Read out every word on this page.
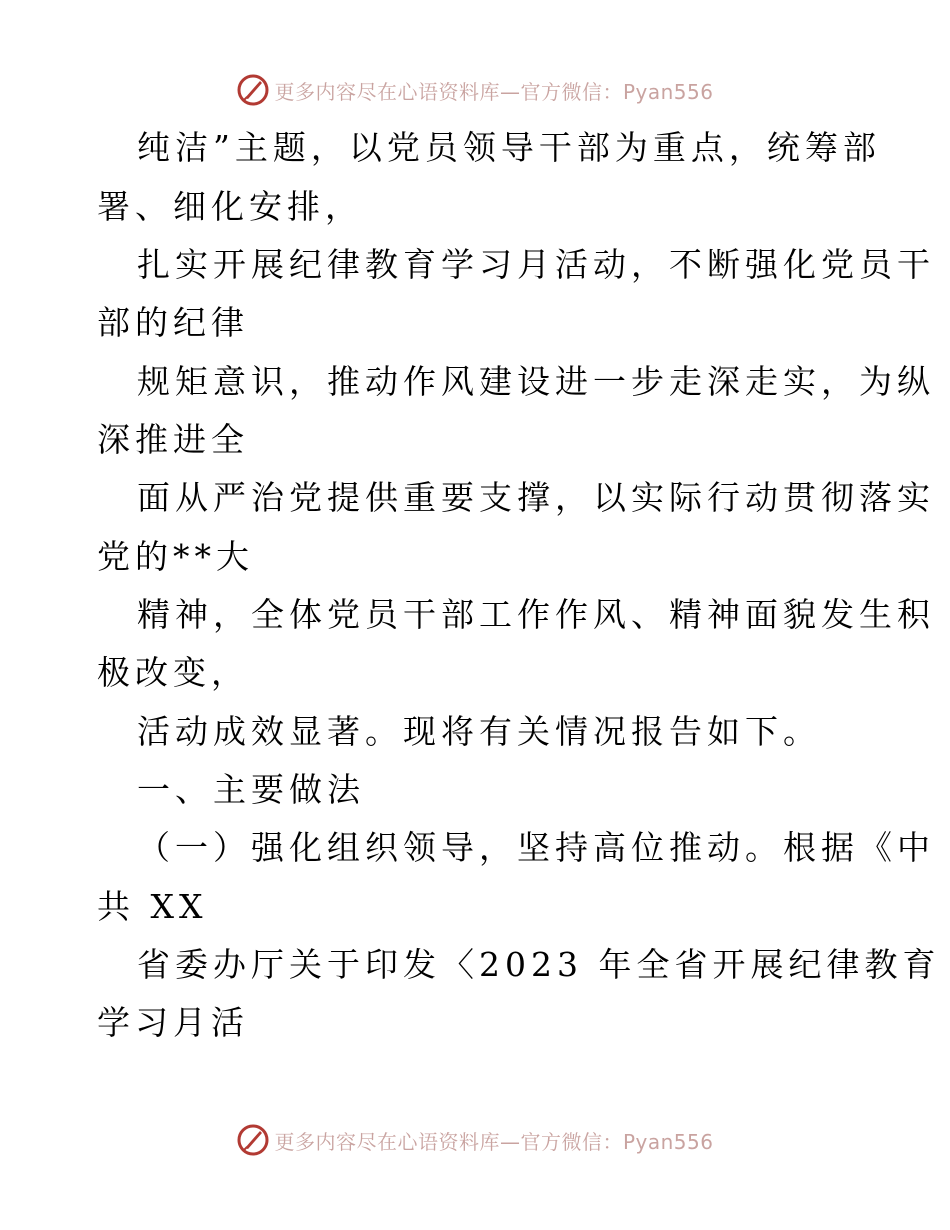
更多内容尽在心语资料库—官方微信：Pyan556
纯洁”主题，以党员领导干部为重点，统筹部
署、细化安排，
扎实开展纪律教育学习月活动，不断强化党员干
部的纪律
规矩意识，推动作风建设进一步走深走实，为纵
深推进全
面从严治党提供重要支撑，以实际行动贯彻落实
党的**大
精神，全体党员干部工作作风、精神面貌发生积
极改变，
活动成效显著。现将有关情况报告如下。
一、主要做法
（一）强化组织领导，坚持高位推动。根据《中
共 XX
省委办厅关于印发〈2023 年全省开展纪律教育
学习月活
更多内容尽在心语资料库—官方微信：Pyan556
